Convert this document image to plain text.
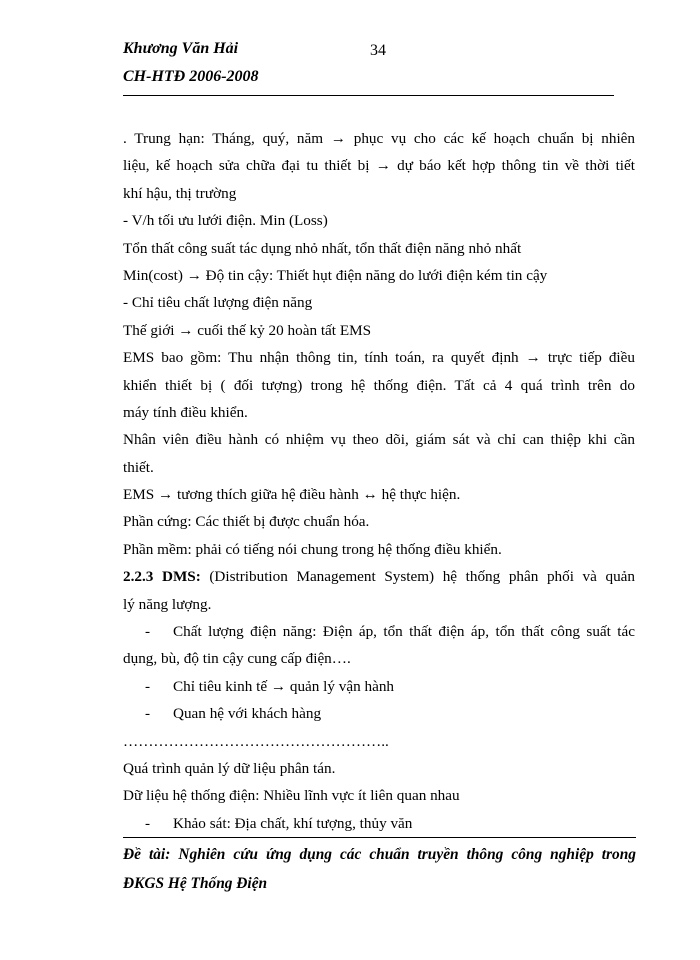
Khương Văn Hải	34
CH-HTĐ 2006-2008
. Trung hạn: Tháng, quý, năm → phục vụ cho các kế hoạch chuẩn bị nhiên
liệu, kế hoạch sửa chữa đại tu thiết bị → dự báo kết hợp thông tin về thời tiết
khí hậu, thị trường
- V/h tối ưu lưới điện. Min (Loss)
Tổn thất công suất tác dụng nhỏ nhất, tổn thất điện năng nhỏ nhất
Min(cost) → Độ tin cậy: Thiết hụt điện năng do lưới điện kém tin cậy
- Chỉ tiêu chất lượng điện năng
Thế giới → cuối thế kỷ 20 hoàn tất EMS
EMS bao gồm: Thu nhận thông tin, tính toán, ra quyết định → trực tiếp điều
khiển thiết bị ( đối tượng) trong hệ thống điện. Tất cả 4 quá trình trên do
máy tính điều khiển.
Nhân viên điều hành có nhiệm vụ theo dõi, giám sát và chỉ can thiệp khi cần
thiết.
EMS → tương thích giữa hệ điều hành ↔ hệ thực hiện.
Phần cứng: Các thiết bị được chuẩn hóa.
Phần mềm: phải có tiếng nói chung trong hệ thống điều khiển.
2.2.3 DMS: (Distribution Management System) hệ thống phân phối và quản
lý năng lượng.
- Chất lượng điện năng: Điện áp, tổn thất điện áp, tổn thất công suất tác
dụng, bù, độ tin cậy cung cấp điện….
- Chỉ tiêu kinh tế → quản lý vận hành
- Quan hệ với khách hàng
……………………………………………..
Quá trình quản lý dữ liệu phân tán.
Dữ liệu hệ thống điện: Nhiều lĩnh vực ít liên quan nhau
- Khảo sát: Địa chất, khí tượng, thủy văn
Đề tài: Nghiên cứu ứng dụng các chuẩn truyền thông công nghiệp trong
ĐKGS Hệ Thống Điện
